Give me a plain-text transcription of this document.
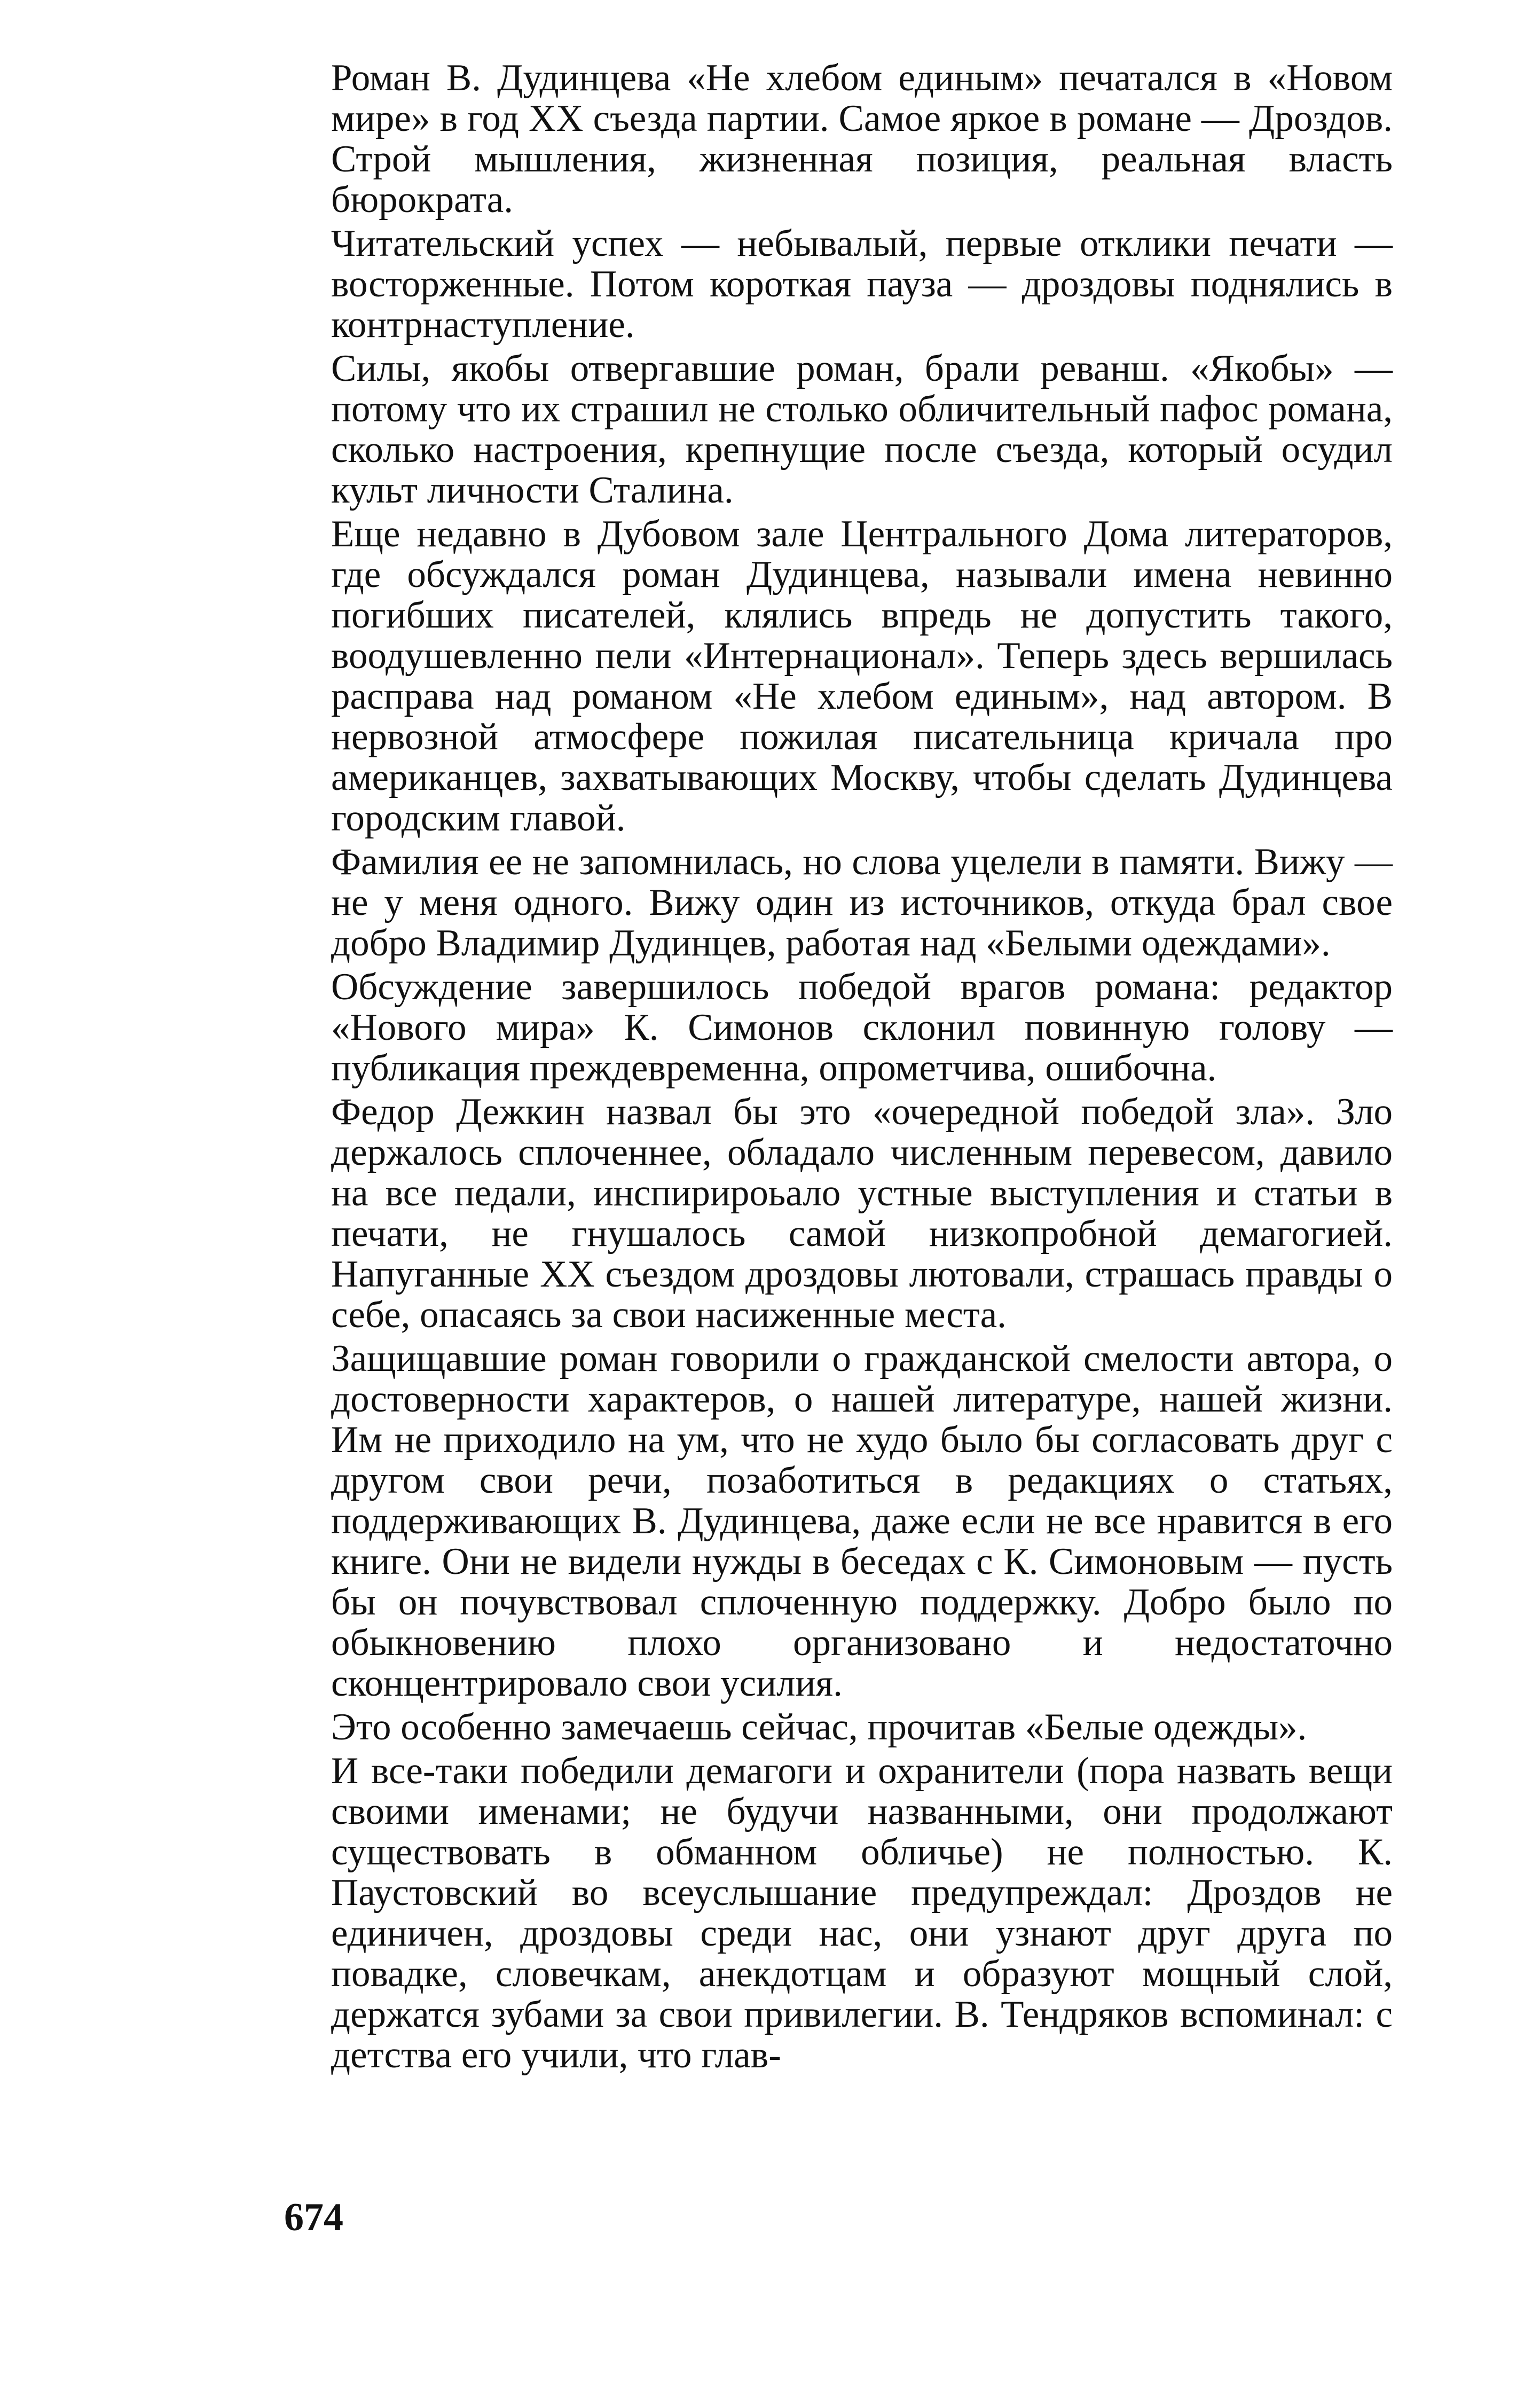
Роман В. Дудинцева «Не хлебом единым» печатался в «Новом мире» в год XX съезда партии. Самое яркое в романе — Дроздов. Строй мышления, жизненная позиция, реальная власть бюрократа.

Читательский успех — небывалый, первые отклики печати — восторженные. Потом короткая пауза — дроздовы поднялись в контрнаступление.

Силы, якобы отвергавшие роман, брали реванш. «Якобы» — потому что их страшил не столько обличительный пафос романа, сколько настроения, крепнущие после съезда, который осудил культ личности Сталина.

Еще недавно в Дубовом зале Центрального Дома литераторов, где обсуждался роман Дудинцева, называли имена невинно погибших писателей, клялись впредь не допустить такого, воодушевленно пели «Интернационал». Теперь здесь вершилась расправа над романом «Не хлебом единым», над автором. В нервозной атмосфере пожилая писательница кричала про американцев, захватывающих Москву, чтобы сделать Дудинцева городским главой.

Фамилия ее не запомнилась, но слова уцелели в памяти. Вижу — не у меня одного. Вижу один из источников, откуда брал свое добро Владимир Дудинцев, работая над «Белыми одеждами».

Обсуждение завершилось победой врагов романа: редактор «Нового мира» К. Симонов склонил повинную голову — публикация преждевременна, опрометчива, ошибочна.

Федор Дежкин назвал бы это «очередной победой зла». Зло держалось сплоченнее, обладало численным перевесом, давило на все педали, инспирироьало устные выступления и статьи в печати, не гнушалось самой низкопробной демагогией. Напуганные XX съездом дроздовы лютовали, страшась правды о себе, опасаясь за свои насиженные места.

Защищавшие роман говорили о гражданской смелости автора, о достоверности характеров, о нашей литературе, нашей жизни. Им не приходило на ум, что не худо было бы согласовать друг с другом свои речи, позаботиться в редакциях о статьях, поддерживающих В. Дудинцева, даже если не все нравится в его книге. Они не видели нужды в беседах с К. Симоновым — пусть бы он почувствовал сплоченную поддержку. Добро было по обыкновению плохо организовано и недостаточно сконцентрировало свои усилия.

Это особенно замечаешь сейчас, прочитав «Белые одежды».

И все-таки победили демагоги и охранители (пора назвать вещи своими именами; не будучи названными, они продолжают существовать в обманном обличье) не полностью. К. Паустовский во всеуслышание предупреждал: Дроздов не единичен, дроздовы среди нас, они узнают друг друга по повадке, словечкам, анекдотцам и образуют мощный слой, держатся зубами за свои привилегии. В. Тендряков вспоминал: с детства его учили, что глав-

674
